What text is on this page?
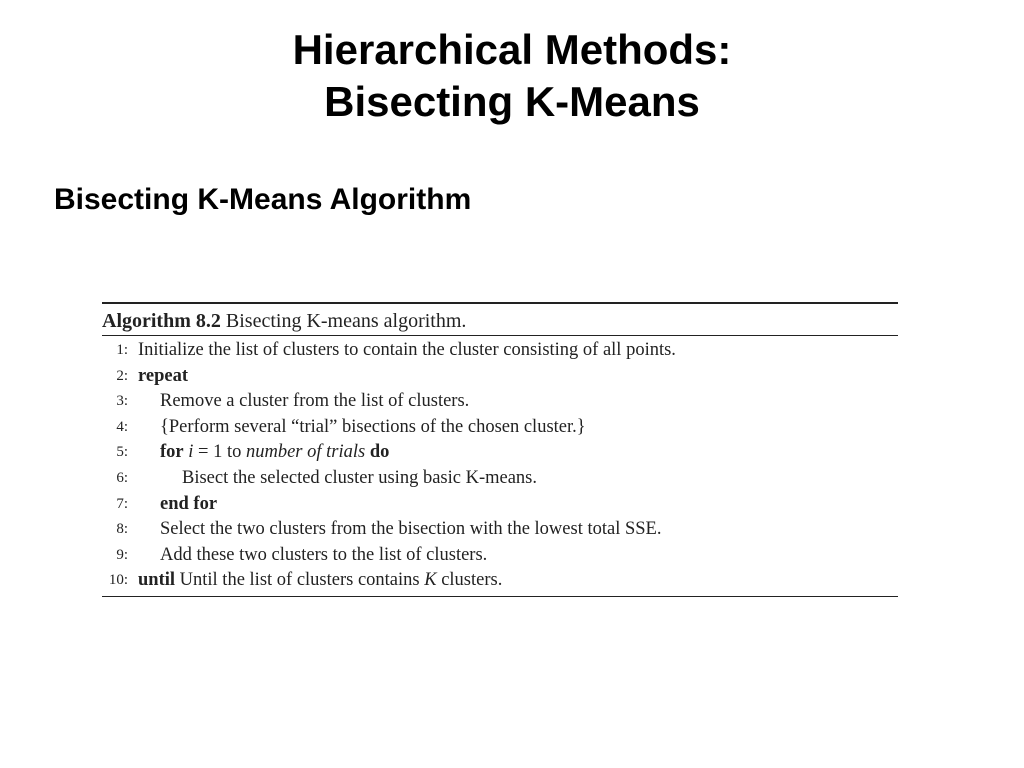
Hierarchical Methods:
Bisecting K-Means
Bisecting K-Means Algorithm
Algorithm 8.2 Bisecting K-means algorithm.
1: Initialize the list of clusters to contain the cluster consisting of all points.
2: repeat
3: Remove a cluster from the list of clusters.
4: {Perform several “trial” bisections of the chosen cluster.}
5: for i = 1 to number of trials do
6:	Bisect the selected cluster using basic K-means.
7: end for
8: Select the two clusters from the bisection with the lowest total SSE.
9: Add these two clusters to the list of clusters.
10: until Until the list of clusters contains K clusters.
